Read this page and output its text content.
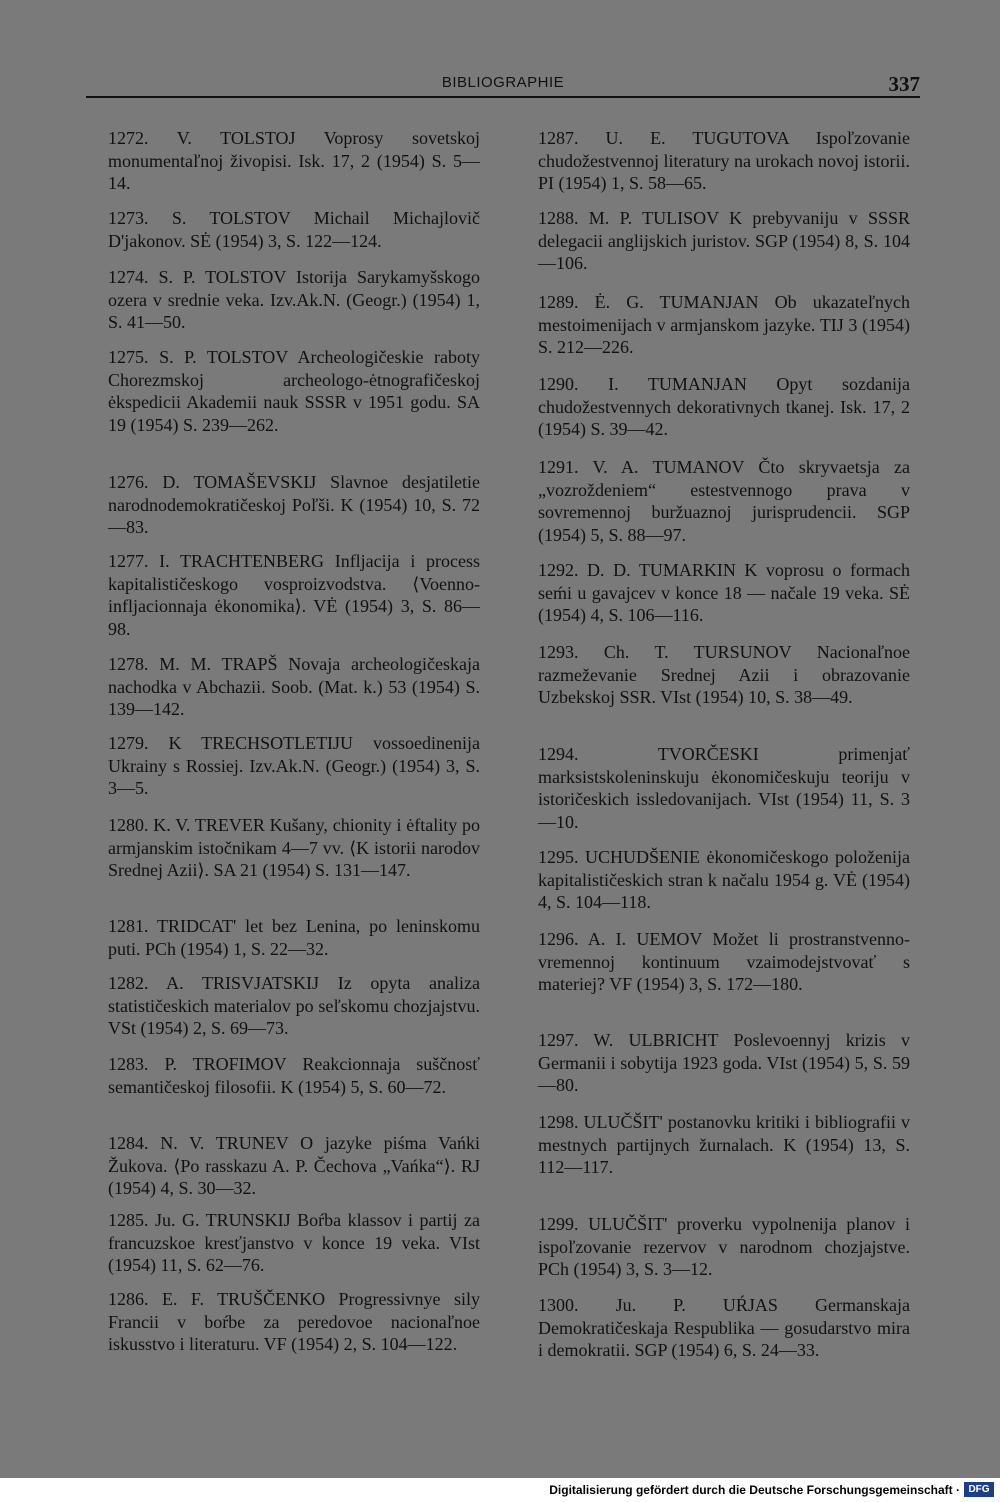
BIBLIOGRAPHIE	337
1272. V. TOLSTOJ Voprosy sovetskoj monumentaľnoj živopisi. Isk. 17, 2 (1954) S. 5—14.
1273. S. TOLSTOV Michail Michajlovič D'jakonov. SĖ (1954) 3, S. 122—124.
1274. S. P. TOLSTOV Istorija Sarykamyšskogo ozera v srednie veka. Izv.Ak.N. (Geogr.) (1954) 1, S. 41—50.
1275. S. P. TOLSTOV Archeologičeskie raboty Chorezmskoj archeologo-ėtnografičeskoj ėkspedicii Akademii nauk SSSR v 1951 godu. SA 19 (1954) S. 239—262.
1276. D. TOMAŠEVSKIJ Slavnoe desjatiletie narodnodemokratičeskoj Poľši. K (1954) 10, S. 72—83.
1277. I. TRACHTENBERG Infljacija i process kapitalističeskogo vosproizvodstva. ⟨Voenno-infljacionnaja ėkonomika⟩. VĖ (1954) 3, S. 86—98.
1278. M. M. TRAPŠ Novaja archeologičeskaja nachodka v Abchazii. Soob. (Mat. k.) 53 (1954) S. 139—142.
1279. K TRECHSOTLETIJU vossoedinenija Ukrainy s Rossiej. Izv.Ak.N. (Geogr.) (1954) 3, S. 3—5.
1280. K. V. TREVER Kušany, chionity i ėftality po armjanskim istočnikam 4—7 vv. ⟨K istorii narodov Srednej Azii⟩. SA 21 (1954) S. 131—147.
1281. TRIDCAT' let bez Lenina, po leninskomu puti. PCh (1954) 1, S. 22—32.
1282. A. TRISVJATSKIJ Iz opyta analiza statističeskich materialov po seľskomu chozjajstvu. VSt (1954) 2, S. 69—73.
1283. P. TROFIMOV Reakcionnaja suščnosť semantičeskoj filosofii. K (1954) 5, S. 60—72.
1284. N. V. TRUNEV O jazyke piśma Vańki Žukova. ⟨Po rasskazu A. P. Čechova „Vańka“⟩. RJ (1954) 4, S. 30—32.
1285. Ju. G. TRUNSKIJ Boŕba klassov i partij za francuzskoe kresťjanstvo v konce 19 veka. VIst (1954) 11, S. 62—76.
1286. E. F. TRUŠČENKO Progressivnye sily Francii v boŕbe za peredovoe nacionaľnoe iskusstvo i literaturu. VF (1954) 2, S. 104—122.
1287. U. E. TUGUTOVA Ispoľzovanie chudožestvennoj literatury na urokach novoj istorii. PI (1954) 1, S. 58—65.
1288. M. P. TULISOV K prebyvaniju v SSSR delegacii anglijskich juristov. SGP (1954) 8, S. 104—106.
1289. Ė. G. TUMANJAN Ob ukazateľnych mestoimenijach v armjanskom jazyke. TIJ 3 (1954) S. 212—226.
1290. I. TUMANJAN Opyt sozdanija chudožestvennych dekorativnych tkanej. Isk. 17, 2 (1954) S. 39—42.
1291. V. A. TUMANOV Čto skryvaetsja za „vozroždeniem“ estestvennogo prava v sovremennoj buržuaznoj jurisprudencii. SGP (1954) 5, S. 88—97.
1292. D. D. TUMARKIN K voprosu o formach seḿi u gavajcev v konce 18 — načale 19 veka. SĖ (1954) 4, S. 106—116.
1293. Ch. T. TURSUNOV Nacionaľnoe razmeževanie Srednej Azii i obrazovanie Uzbekskoj SSR. VIst (1954) 10, S. 38—49.
1294. TVORČESKI primenjať marksistskoleninskuju ėkonomičeskuju teoriju v istoričeskich issledovanijach. VIst (1954) 11, S. 3—10.
1295. UCHUDŠENIE ėkonomičeskogo položenija kapitalističeskich stran k načalu 1954 g. VĖ (1954) 4, S. 104—118.
1296. A. I. UEMOV Možet li prostranstvenno-vremennoj kontinuum vzaimodejstvovať s materiej? VF (1954) 3, S. 172—180.
1297. W. ULBRICHT Poslevoennyj krizis v Germanii i sobytija 1923 goda. VIst (1954) 5, S. 59—80.
1298. ULUČŠIT' postanovku kritiki i bibliografii v mestnych partijnych žurnalach. K (1954) 13, S. 112—117.
1299. ULUČŠIT' proverku vypolnenija planov i ispoľzovanie rezervov v narodnom chozjajstve. PCh (1954) 3, S. 3—12.
1300. Ju. P. UŔJAS Germanskaja Demokratičeskaja Respublika — gosudarstvo mira i demokratii. SGP (1954) 6, S. 24—33.
Digitalisierung gefördert durch die Deutsche Forschungsgemeinschaft · DFG
